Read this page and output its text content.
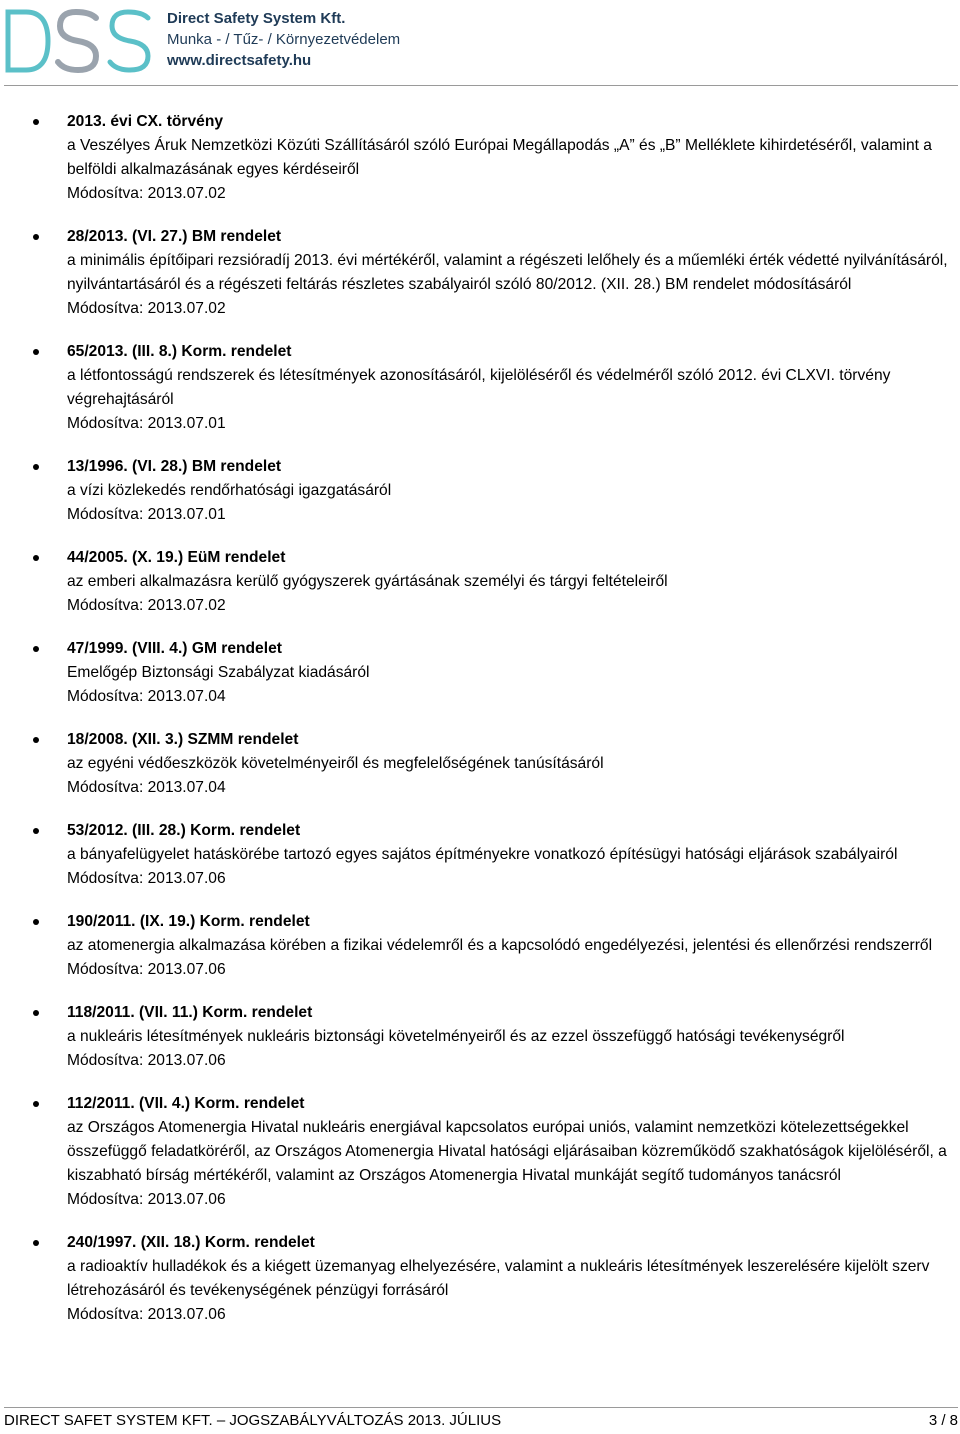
Direct Safety System Kft.
Munka - / Tűz- / Környezetvédelem
www.directsafety.hu
2013. évi CX. törvény
a Veszélyes Áruk Nemzetközi Közúti Szállításáról szóló Európai Megállapodás „A” és „B” Melléklete kihirdetéséről, valamint a belföldi alkalmazásának egyes kérdéseiről
Módosítva: 2013.07.02
28/2013. (VI. 27.) BM rendelet
a minimális építőipari rezsióradíj 2013. évi mértékéről, valamint a régészeti lelőhely és a műemléki érték védetté nyilvánításáról, nyilvántartásáról és a régészeti feltárás részletes szabályairól szóló 80/2012. (XII. 28.) BM rendelet módosításáról
Módosítva: 2013.07.02
65/2013. (III. 8.) Korm. rendelet
a létfontosságú rendszerek és létesítmények azonosításáról, kijelöléséről és védelméről szóló 2012. évi CLXVI. törvény végrehajtásáról
Módosítva: 2013.07.01
13/1996. (VI. 28.) BM rendelet
a vízi közlekedés rendőrhatósági igazgatásáról
Módosítva: 2013.07.01
44/2005. (X. 19.) EüM rendelet
az emberi alkalmazásra kerülő gyógyszerek gyártásának személyi és tárgyi feltételeiről
Módosítva: 2013.07.02
47/1999. (VIII. 4.) GM rendelet
Emelőgép Biztonsági Szabályzat kiadásáról
Módosítva: 2013.07.04
18/2008. (XII. 3.) SZMM rendelet
az egyéni védőeszközök követelményeiről és megfelelőségének tanúsításáról
Módosítva: 2013.07.04
53/2012. (III. 28.) Korm. rendelet
a bányafelügyelet hatáskörébe tartozó egyes sajátos építményekre vonatkozó építésügyi hatósági eljárások szabályairól
Módosítva: 2013.07.06
190/2011. (IX. 19.) Korm. rendelet
az atomenergia alkalmazása körében a fizikai védelemről és a kapcsolódó engedélyezési, jelentési és ellenőrzési rendszerről
Módosítva: 2013.07.06
118/2011. (VII. 11.) Korm. rendelet
a nukleáris létesítmények nukleáris biztonsági követelményeiről és az ezzel összefüggő hatósági tevékenységről
Módosítva: 2013.07.06
112/2011. (VII. 4.) Korm. rendelet
az Országos Atomenergia Hivatal nukleáris energiával kapcsolatos európai uniós, valamint nemzetközi kötelezettségekkel összefüggő feladatköréről, az Országos Atomenergia Hivatal hatósági eljárásaiban közreműködő szakhatóságok kijelöléséről, a kiszabható bírság mértékéről, valamint az Országos Atomenergia Hivatal munkáját segítő tudományos tanácsról
Módosítva: 2013.07.06
240/1997. (XII. 18.) Korm. rendelet
a radioaktív hulladékok és a kiégett üzemanyag elhelyezésére, valamint a nukleáris létesítmények leszerelésére kijelölt szerv létrehozásáról és tevékenységének pénzügyi forrásáról
Módosítva: 2013.07.06
DIRECT SAFET SYSTEM KFT. – JOGSZABÁLYVÁLTOZÁS 2013. JÚLIUS	3 / 8
